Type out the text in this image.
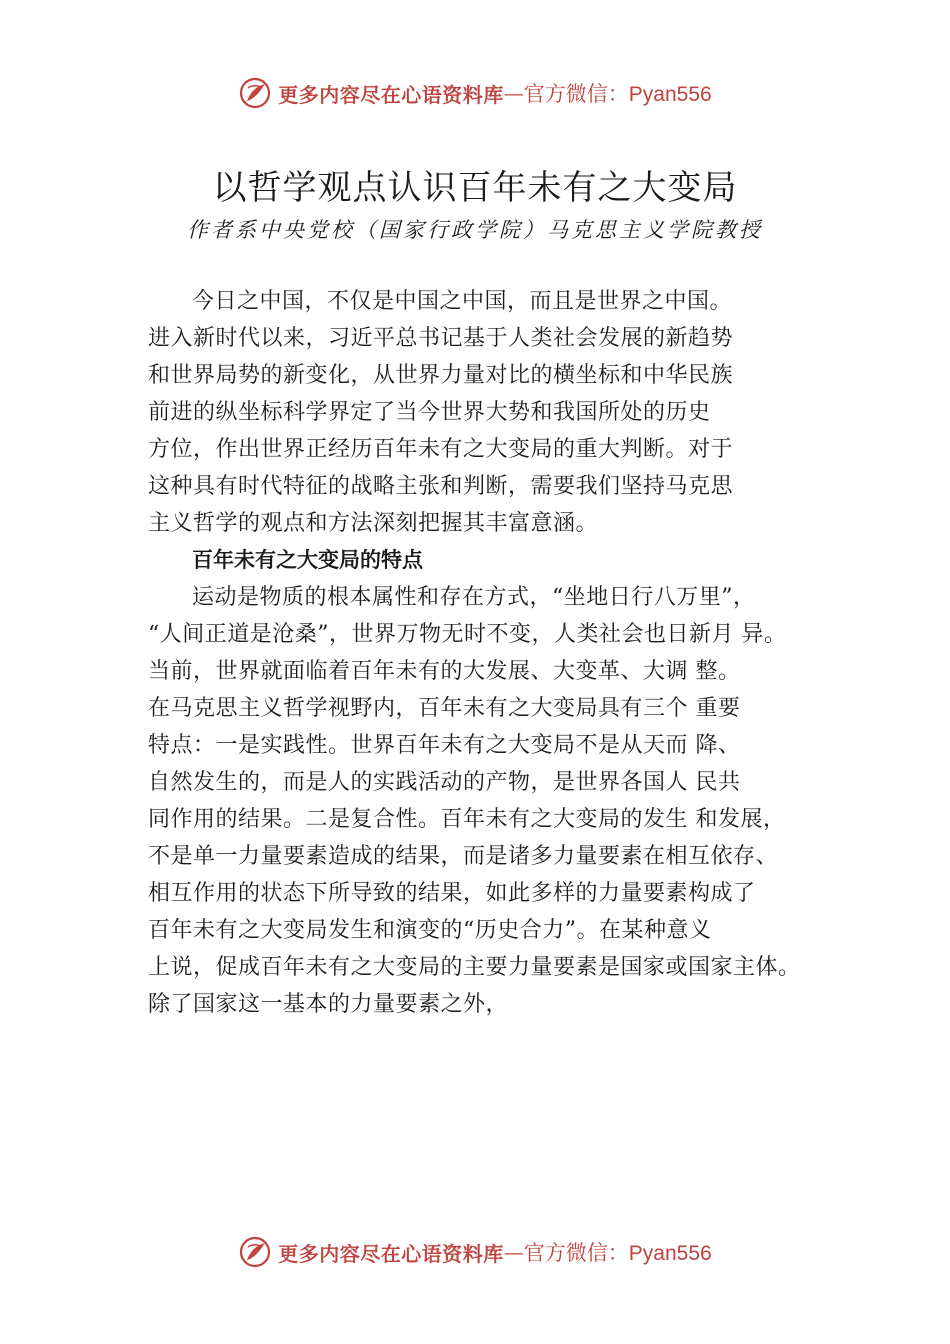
更多内容尽在心语资料库 — 官方微信：Pyan556
以哲学观点认识百年未有之大变局
作者系中央党校（国家行政学院）马克思主义学院教授
今日之中国，不仅是中国之中国，而且是世界之中国。
进入新时代以来，习近平总书记基于人类社会发展的新趋势
和世界局势的新变化，从世界力量对比的横坐标和中华民族
前进的纵坐标科学界定了当今世界大势和我国所处的历史
方位，作出世界正经历百年未有之大变局的重大判断。对于
这种具有时代特征的战略主张和判断，需要我们坚持马克思
主义哲学的观点和方法深刻把握其丰富意涵。
百年未有之大变局的特点
运动是物质的根本属性和存在方式，“坐地日行八万里”，
“人间正道是沧桑”，世界万物无时不变，人类社会也日新月 异。
当前，世界就面临着百年未有的大发展、大变革、大调 整。
在马克思主义哲学视野内，百年未有之大变局具有三个 重要
特点：一是实践性。世界百年未有之大变局不是从天而 降、
自然发生的，而是人的实践活动的产物，是世界各国人 民共
同作用的结果。二是复合性。百年未有之大变局的发生 和发展，
不是单一力量要素造成的结果，而是诸多力量要素在相互依存、
相互作用的状态下所导致的结果，如此多样的力量要素构成了
百年未有之大变局发生和演变的“历史合力”。在某种意义
上说，促成百年未有之大变局的主要力量要素是国家或国家主体。
除了国家这一基本的力量要素之外，
更多内容尽在心语资料库 — 官方微信：Pyan556
